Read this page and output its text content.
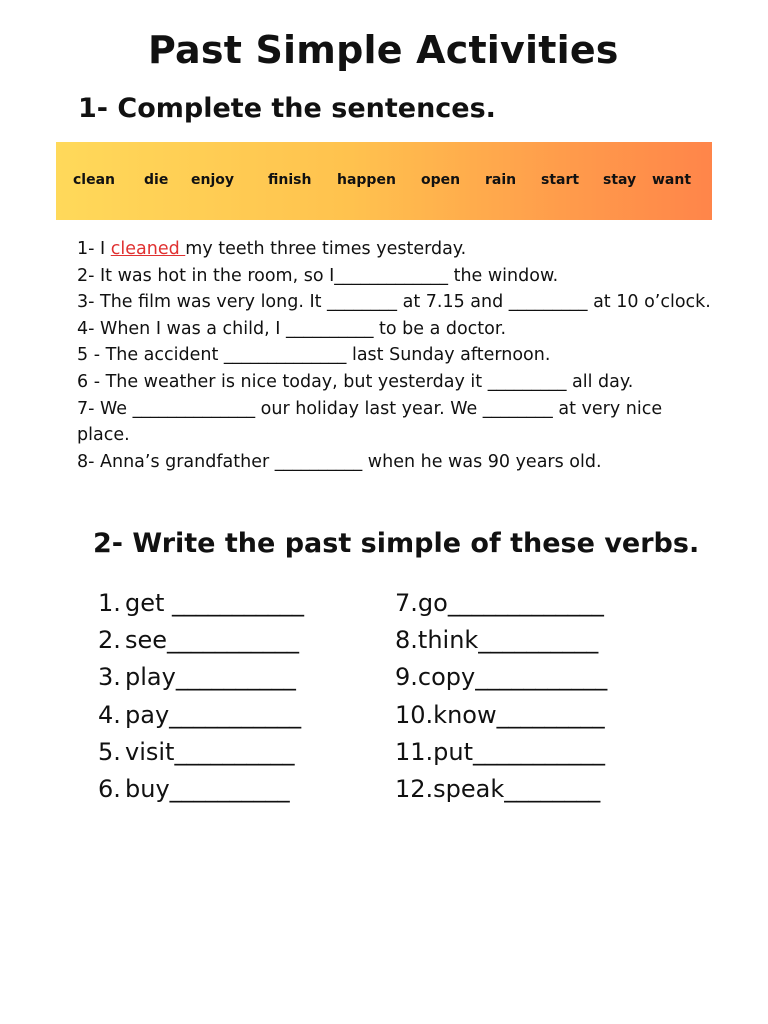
Past Simple Activities
1- Complete the sentences.
clean die enjoy finish happen open rain start stay want
1- I cleaned my teeth three times yesterday.
2- It was hot in the room, so I_____________ the window.
3- The film was very long. It ________ at 7.15 and _________ at 10 o’clock.
4- When I was a child, I __________ to be a doctor.
5 - The accident ______________ last Sunday afternoon.
6 - The weather is nice today, but yesterday it _________ all day.
7- We ______________ our holiday last year. We ________ at very nice place.
8- Anna’s grandfather __________ when he was 90 years old.
2- Write the past simple of these verbs.
1. get ___________
2. see___________
3. play__________
4. pay___________
5. visit__________
6. buy__________
7.go_____________
8.think__________
9.copy___________
10.know_________
11.put___________
12.speak________
